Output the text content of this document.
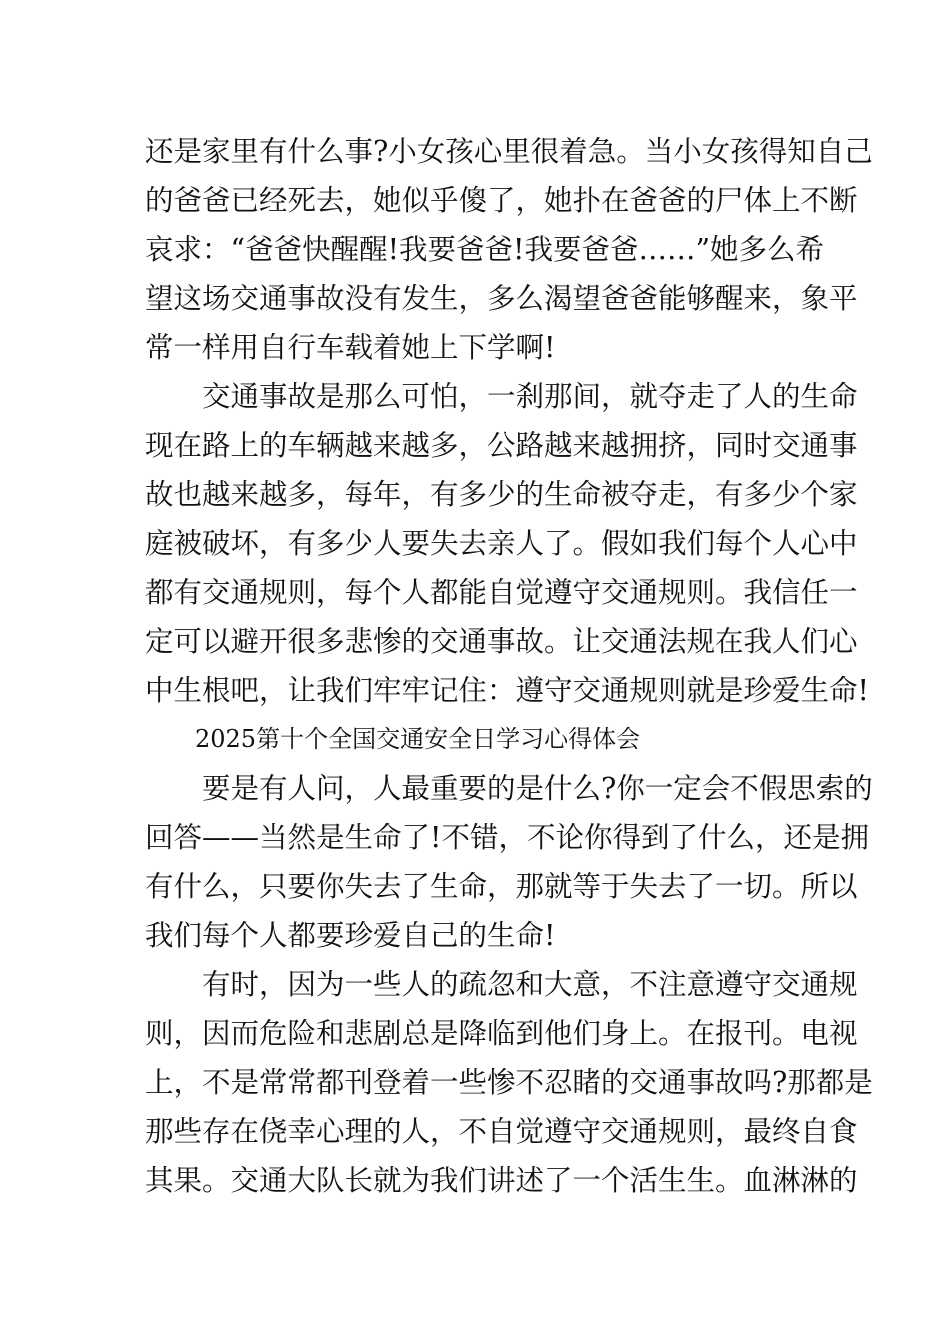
还是家里有什么事?小女孩心里很着急。当小女孩得知自己
的爸爸已经死去，她似乎傻了，她扑在爸爸的尸体上不断
哀求：“爸爸快醒醒!我要爸爸!我要爸爸……”她多么希
望这场交通事故没有发生，多么渴望爸爸能够醒来，象平
常一样用自行车载着她上下学啊!
交通事故是那么可怕，一刹那间，就夺走了人的生命
现在路上的车辆越来越多，公路越来越拥挤，同时交通事
故也越来越多，每年，有多少的生命被夺走，有多少个家
庭被破坏，有多少人要失去亲人了。假如我们每个人心中
都有交通规则，每个人都能自觉遵守交通规则。我信任一
定可以避开很多悲惨的交通事故。让交通法规在我人们心
中生根吧，让我们牢牢记住：遵守交通规则就是珍爱生命!
2025第十个全国交通安全日学习心得体会
要是有人问，人最重要的是什么?你一定会不假思索的
回答——当然是生命了!不错，不论你得到了什么，还是拥
有什么，只要你失去了生命，那就等于失去了一切。所以
我们每个人都要珍爱自己的生命!
有时，因为一些人的疏忽和大意，不注意遵守交通规
则，因而危险和悲剧总是降临到他们身上。在报刊。电视
上，不是常常都刊登着一些惨不忍睹的交通事故吗?那都是
那些存在侥幸心理的人，不自觉遵守交通规则，最终自食
其果。交通大队长就为我们讲述了一个活生生。血淋淋的
